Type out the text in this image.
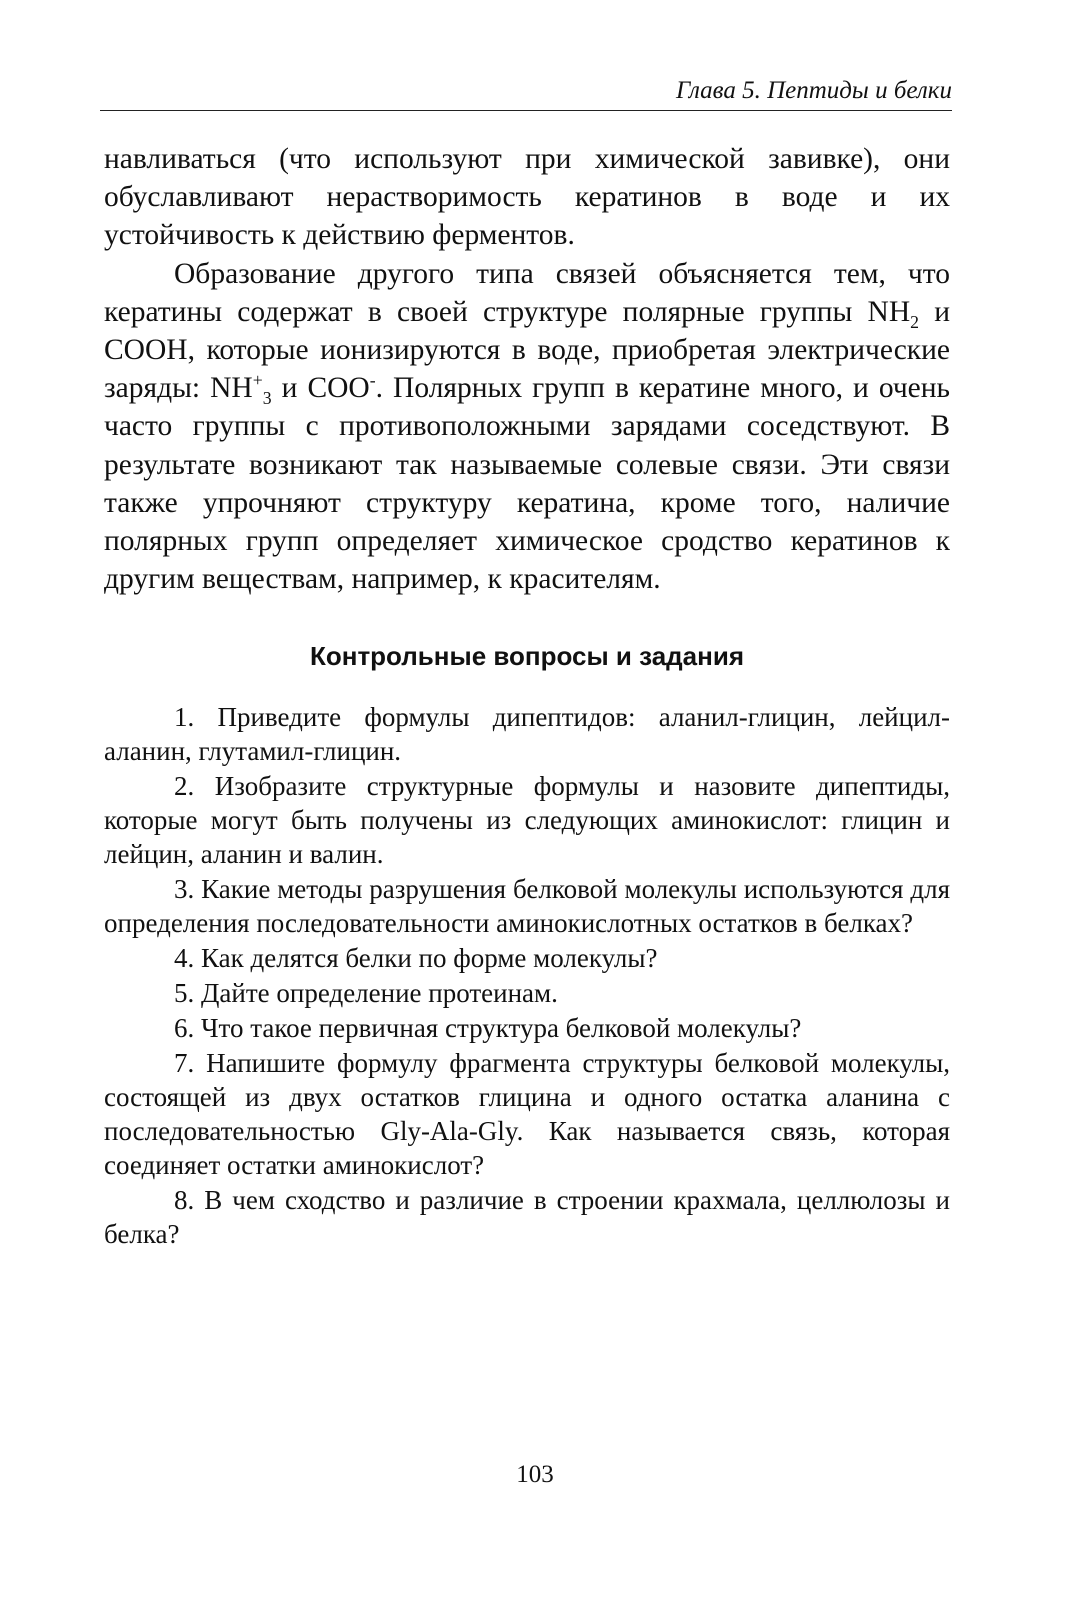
Глава 5. Пептиды и белки

навливаться (что используют при химической завивке), они обуславливают нерастворимость кератинов в воде и их устойчивость к действию ферментов.

Образование другого типа связей объясняется тем, что кератины содержат в своей структуре полярные группы $NH_2$ и СООН, которые ионизируются в воде, приобретая электрические заряды: $NH^+_3$ и СОО-. Полярных групп в кератине много, и очень часто группы с противоположными зарядами соседствуют. В результате возникают так называемые солевые связи. Эти связи также упрочняют структуру кератина, кроме того, наличие полярных групп определяет химическое сродство кератинов к другим веществам, например, к красителям.

Контрольные вопросы и задания

1. Приведите формулы дипептидов: аланил-глицин, лейцил-аланин, глутамил-глицин.

2. Изобразите структурные формулы и назовите дипептиды, которые могут быть получены из следующих аминокислот: глицин и лейцин, аланин и валин.

3. Какие методы разрушения белковой молекулы используются для определения последовательности аминокислотных остатков в белках?

4. Как делятся белки по форме молекулы?

5. Дайте определение протеинам.

6. Что такое первичная структура белковой молекулы?

7. Напишите формулу фрагмента структуры белковой молекулы, состоящей из двух остатков глицина и одного остатка аланина с последовательностью Gly-Ala-Gly. Как называется связь, которая соединяет остатки аминокислот?

8. В чем сходство и различие в строении крахмала, целлюлозы и белка?

103
